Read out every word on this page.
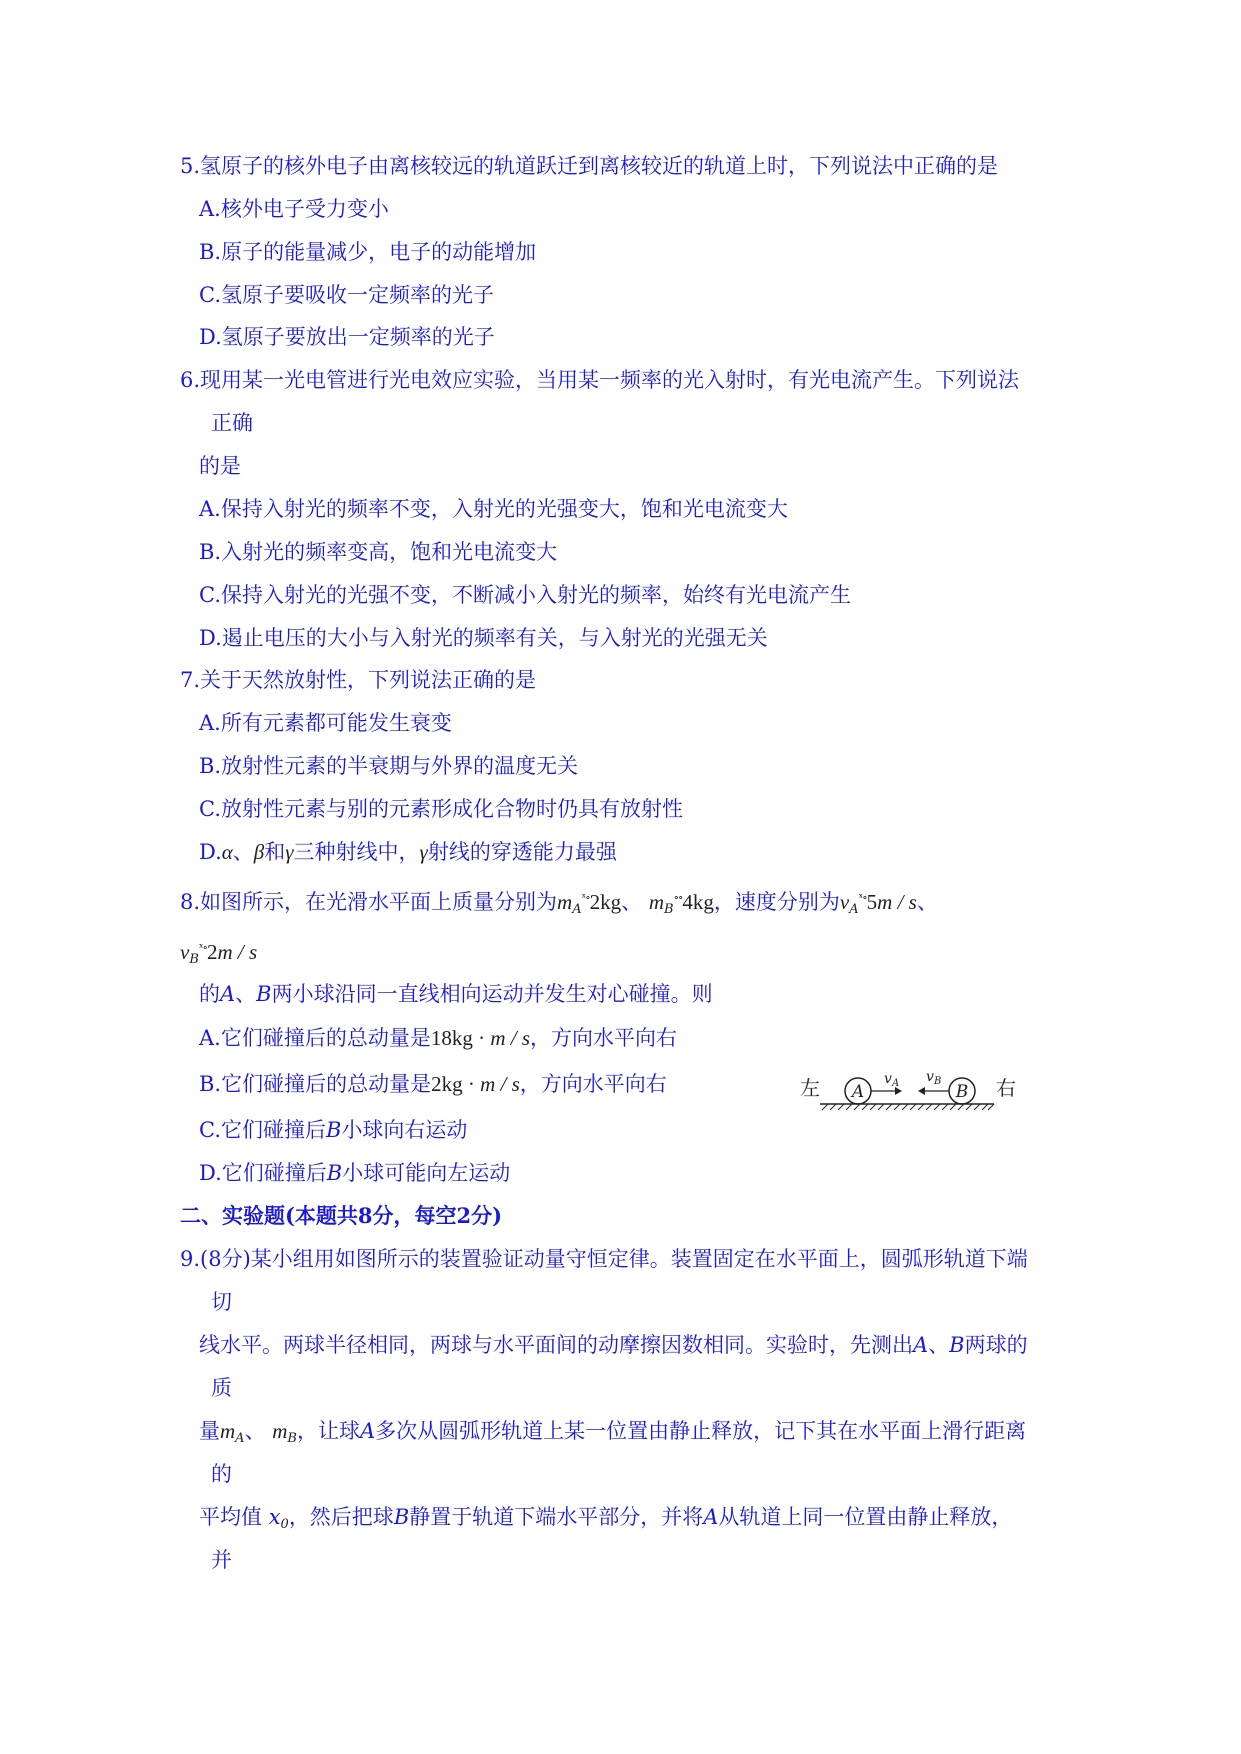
5.氢原子的核外电子由离核较远的轨道跃迁到离核较近的轨道上时，下列说法中正确的是
A.核外电子受力变小
B.原子的能量减少，电子的动能增加
C.氢原子要吸收一定频率的光子
D.氢原子要放出一定频率的光子
6.现用某一光电管进行光电效应实验，当用某一频率的光入射时，有光电流产生。下列说法
正确
的是
A.保持入射光的频率不变，入射光的光强变大，饱和光电流变大
B.入射光的频率变高，饱和光电流变大
C.保持入射光的光强不变，不断减小入射光的频率，始终有光电流产生
D.遏止电压的大小与入射光的频率有关，与入射光的光强无关
7.关于天然放射性，下列说法正确的是
A.所有元素都可能发生衰变
B.放射性元素的半衰期与外界的温度无关
C.放射性元素与别的元素形成化合物时仍具有放射性
D.α、β和γ三种射线中，γ射线的穿透能力最强
8.如图所示，在光滑水平面上质量分别为$m_A^{ˣ\circ}2kg$、 $m_B^{\circ\circ}4kg$，速度分别为$v_A^{ˣ\circ}5m$ / s、
$v_B^{ˣ\circ}2m$ / s
的A、B两小球沿同一直线相向运动并发生对心碰撞。则
A.它们碰撞后的总动量是18kg · m / s，方向水平向右
B.它们碰撞后的总动量是2kg · m / s，方向水平向右
C.它们碰撞后B小球向右运动
D.它们碰撞后B小球可能向左运动
左	右
A	B
v A v B
二、实验题(本题共8分，每空2分)
9.(8分)某小组用如图所示的装置验证动量守恒定律。装置固定在水平面上，圆弧形轨道下端
切
线水平。两球半径相同，两球与水平面间的动摩擦因数相同。实验时，先测出A、B两球的
质
量$m_A$、 $m_B$，让球A多次从圆弧形轨道上某一位置由静止释放，记下其在水平面上滑行距离
的
平均值 $x_0$，然后把球B静置于轨道下端水平部分，并将A从轨道上同一位置由静止释放，
并
